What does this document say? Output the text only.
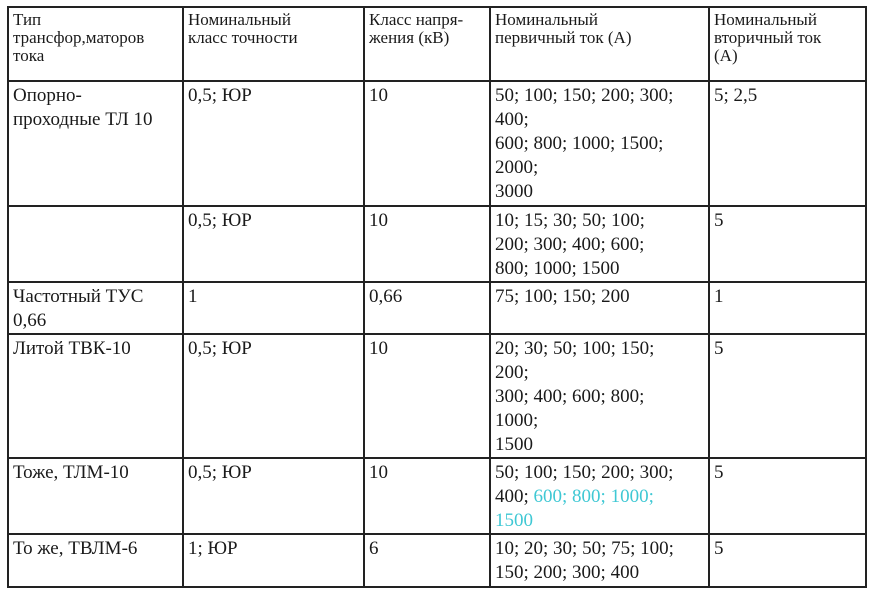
Тип
трансфор,маторов
тока	Номинальный
класс точности	Класс напря-
жения (кВ)	Номинальный
первичный ток (А)	Номинальный
вторичный ток
(А)

Опорно-
проходные ТЛ 10	0,5; ЮР	10	50; 100; 150; 200; 300;
400;
600; 800; 1000; 1500;
2000;
3000	5; 2,5
	0,5; ЮР	10	10; 15; 30; 50; 100;
200; 300; 400; 600;
800; 1000; 1500	5

Частотный ТУС
0,66	1	0,66	75; 100; 150; 200	1

Литой ТВК-10	0,5; ЮР	10	20; 30; 50; 100; 150;
200;
300; 400; 600; 800;
1000;
1500	5

Тоже, ТЛМ-10	0,5; ЮР	10	50; 100; 150; 200; 300;
400; 600; 800; 1000;
1500	5

То же, ТВЛМ-6	1; ЮР	6	10; 20; 30; 50; 75; 100;
150; 200; 300; 400	5
